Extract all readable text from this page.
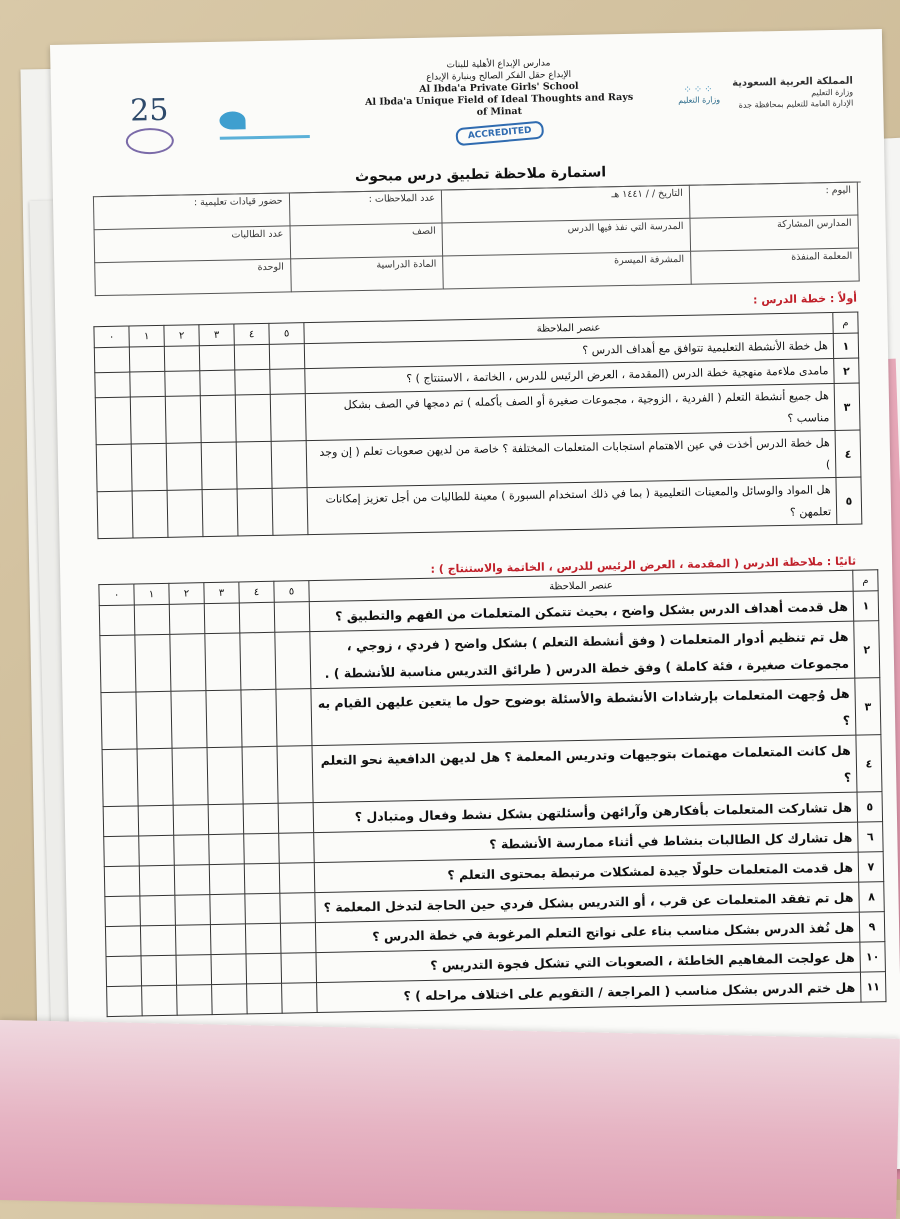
25
مدارس الإبداع الأهلية للبنات
الإبداع حقل الفكر الصالح وبنبارة الإبداع
Al Ibda'a Private Girls' School
Al Ibda'a Unique Field of Ideal Thoughts and Rays of Minat
ACCREDITED
⁘⁘⁘
وزارة التعليم
المملكة العربية السعودية
وزارة التعليم
الإدارة العامة للتعليم بمحافظة جدة
استمارة ملاحظة تطبيق درس مبحوث
اليوم :	التاريخ / / ١٤٤١ هـ	عدد الملاحظات :	حضور قيادات تعليمية :
المدارس المشاركة	المدرسة التي نفذ فيها الدرس	الصف	عدد الطالبات
المعلمة المنفذة	المشرفة الميسرة	المادة الدراسية	الوحدة
أولاً : خطة الدرس :
م	عنصر الملاحظة	٥	٤	٣	٢	١	٠
١	هل خطة الأنشطة التعليمية تتوافق مع أهداف الدرس ؟						
٢	مامدى ملاءمة منهجية خطة الدرس (المقدمة ، العرض الرئيس للدرس ، الخاتمة ، الاستنتاج ) ؟						
٣	هل جميع أنشطة التعلم ( الفردية ، الزوجية ، مجموعات صغيرة أو الصف بأكمله ) تم دمجها في الصف بشكل مناسب ؟						
٤	هل خطة الدرس أخذت في عين الاهتمام استجابات المتعلمات المختلفة ؟ خاصة من لديهن صعوبات تعلم ( إن وجد )						
٥	هل المواد والوسائل والمعينات التعليمية ( بما في ذلك استخدام السبورة ) معينة للطالبات من أجل تعزيز إمكانات تعلمهن ؟						
ثانيًا : ملاحظة الدرس ( المقدمة ، العرض الرئيس للدرس ، الخاتمة والاستنتاج ) :
م	عنصر الملاحظة	٥	٤	٣	٢	١	٠
١	هل قدمت أهداف الدرس بشكل واضح ، بحيث تتمكن المتعلمات من الفهم والتطبيق ؟						
٢	هل تم تنظيم أدوار المتعلمات ( وفق أنشطة التعلم ) بشكل واضح ( فردي ، زوجي ، مجموعات صغيرة ، فئة كاملة ) وفق خطة الدرس ( طرائق التدريس مناسبة للأنشطة ) .						
٣	هل وُجهت المتعلمات بإرشادات الأنشطة والأسئلة بوضوح حول ما يتعين عليهن القيام به ؟						
٤	هل كانت المتعلمات مهتمات بتوجيهات وتدريس المعلمة ؟ هل لديهن الدافعية نحو التعلم ؟						
٥	هل تشاركت المتعلمات بأفكارهن وآرائهن وأسئلتهن بشكل نشط وفعال ومتبادل ؟						
٦	هل تشارك كل الطالبات بنشاط في أثناء ممارسة الأنشطة ؟						
٧	هل قدمت المتعلمات حلولًا جيدة لمشكلات مرتبطة بمحتوى التعلم ؟						
٨	هل تم تفقد المتعلمات عن قرب ، أو التدريس بشكل فردي حين الحاجة لتدخل المعلمة ؟						
٩	هل نُفذ الدرس بشكل مناسب بناء على نواتج التعلم المرغوبة في خطة الدرس ؟						
١٠	هل عولجت المفاهيم الخاطئة ، الصعوبات التي تشكل فجوة التدريس ؟						
١١	هل ختم الدرس بشكل مناسب ( المراجعة / التقويم على اختلاف مراحله ) ؟						
